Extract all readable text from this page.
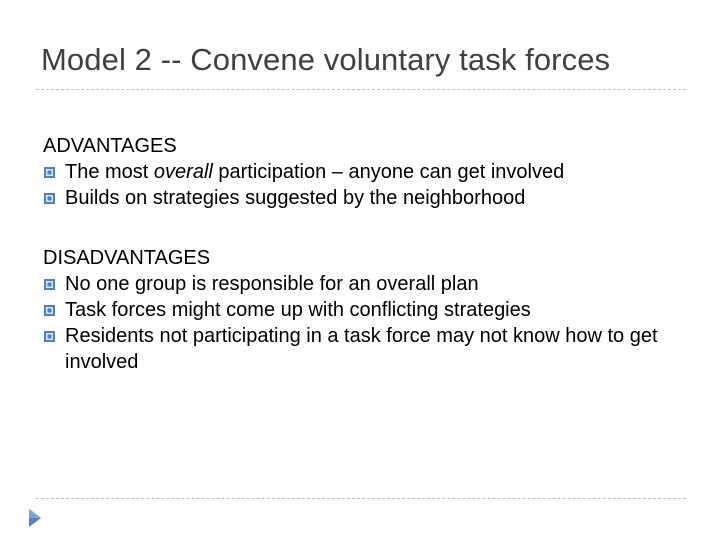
Model 2 -- Convene voluntary task forces
ADVANTAGES
The most overall participation – anyone can get involved
Builds on strategies suggested by the neighborhood
DISADVANTAGES
No one group is responsible for an overall plan
Task forces might come up with conflicting strategies
Residents not participating in a task force may not know how to get involved
